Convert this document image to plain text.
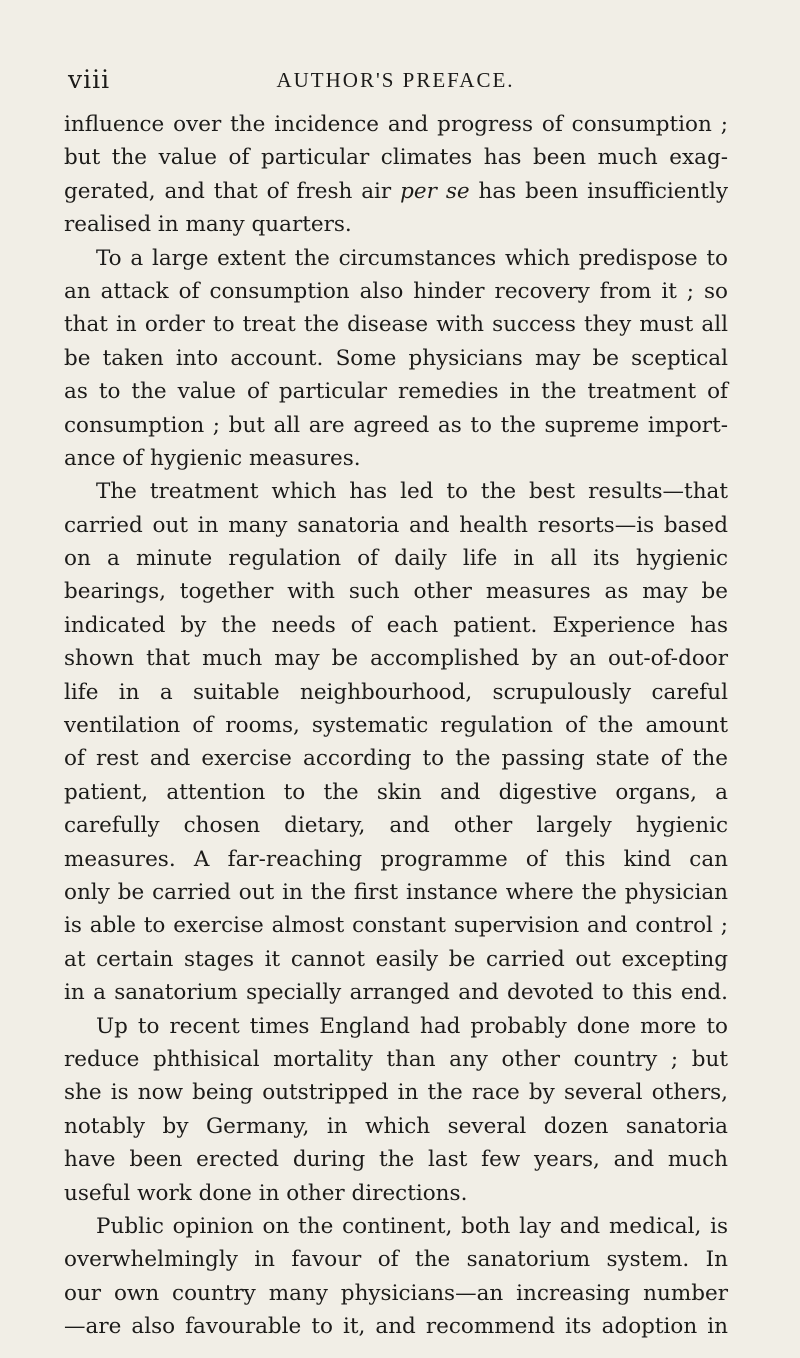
viii	AUTHOR'S PREFACE.
influence over the incidence and progress of consumption ;
but the value of particular climates has been much exag-
gerated, and that of fresh air per se has been insufficiently
realised in many quarters.
To a large extent the circumstances which predispose to
an attack of consumption also hinder recovery from it ; so
that in order to treat the disease with success they must all
be taken into account. Some physicians may be sceptical
as to the value of particular remedies in the treatment of
consumption ; but all are agreed as to the supreme import-
ance of hygienic measures.
The treatment which has led to the best results—that
carried out in many sanatoria and health resorts—is based
on a minute regulation of daily life in all its hygienic
bearings, together with such other measures as may be
indicated by the needs of each patient. Experience has
shown that much may be accomplished by an out-of-door
life in a suitable neighbourhood, scrupulously careful
ventilation of rooms, systematic regulation of the amount
of rest and exercise according to the passing state of the
patient, attention to the skin and digestive organs, a
carefully chosen dietary, and other largely hygienic
measures. A far-reaching programme of this kind can
only be carried out in the first instance where the physician
is able to exercise almost constant supervision and control ;
at certain stages it cannot easily be carried out excepting
in a sanatorium specially arranged and devoted to this end.
Up to recent times England had probably done more to
reduce phthisical mortality than any other country ; but
she is now being outstripped in the race by several others,
notably by Germany, in which several dozen sanatoria
have been erected during the last few years, and much
useful work done in other directions.
Public opinion on the continent, both lay and medical, is
overwhelmingly in favour of the sanatorium system. In
our own country many physicians—an increasing number
—are also favourable to it, and recommend its adoption in
